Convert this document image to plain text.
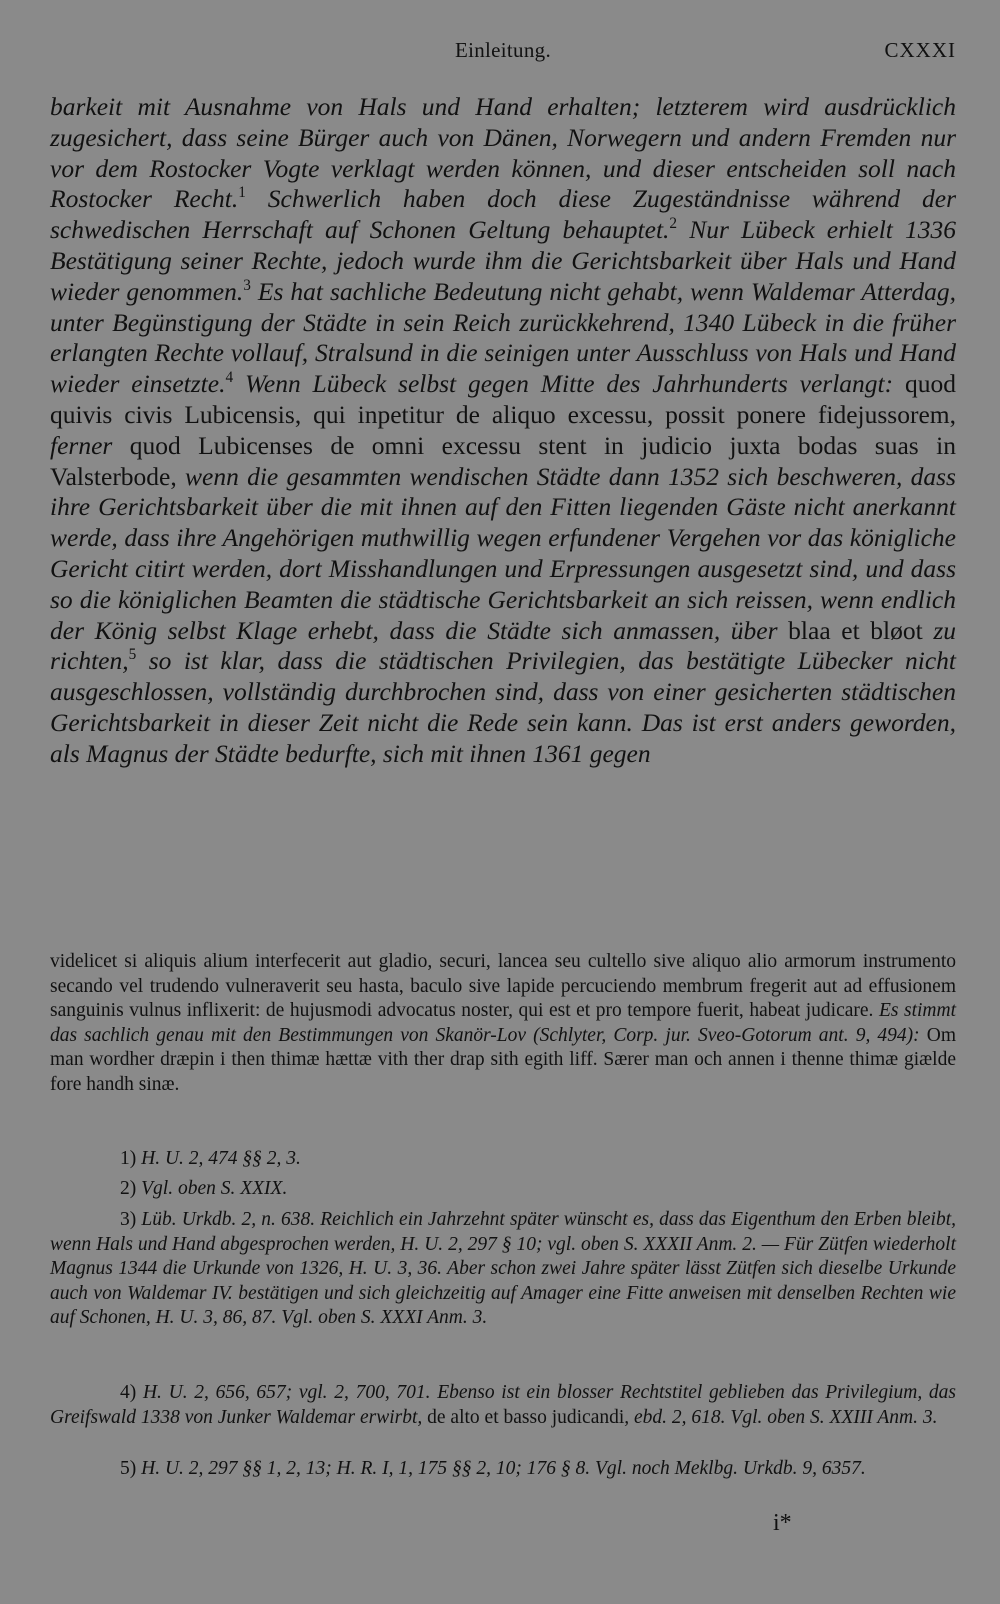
Einleitung.	CXXXI

barkeit mit Ausnahme von Hals und Hand erhalten; letzterem wird ausdrücklich zugesichert, dass seine Bürger auch von Dänen, Norwegern und andern Fremden nur vor dem Rostocker Vogte verklagt werden können, und dieser entscheiden soll nach Rostocker Recht.$^1$ Schwerlich haben doch diese Zugeständnisse während der schwedischen Herrschaft auf Schonen Geltung behauptet.$^2$ Nur Lübeck erhielt 1336 Bestätigung seiner Rechte, jedoch wurde ihm die Gerichtsbarkeit über Hals und Hand wieder genommen.$^3$ Es hat sachliche Bedeutung nicht gehabt, wenn Waldemar Atterdag, unter Begünstigung der Städte in sein Reich zurückkehrend, 1340 Lübeck in die früher erlangten Rechte vollauf, Stralsund in die seinigen unter Ausschluss von Hals und Hand wieder einsetzte.$^4$ Wenn Lübeck selbst gegen Mitte des Jahrhunderts verlangt: quod quivis civis Lubicensis, qui inpetitur de aliquo excessu, possit ponere fidejussorem, ferner quod Lubicenses de omni excessu stent in judicio juxta bodas suas in Valsterbode, wenn die gesammten wendischen Städte dann 1352 sich beschweren, dass ihre Gerichtsbarkeit über die mit ihnen auf den Fitten liegenden Gäste nicht anerkannt werde, dass ihre Angehörigen muthwillig wegen erfundener Vergehen vor das königliche Gericht citirt werden, dort Misshandlungen und Erpressungen ausgesetzt sind, und dass so die königlichen Beamten die städtische Gerichtsbarkeit an sich reissen, wenn endlich der König selbst Klage erhebt, dass die Städte sich anmassen, über blaa et bløot zu richten,$^5$ so ist klar, dass die städtischen Privilegien, das bestätigte Lübecker nicht ausgeschlossen, vollständig durchbrochen sind, dass von einer gesicherten städtischen Gerichtsbarkeit in dieser Zeit nicht die Rede sein kann. Das ist erst anders geworden, als Magnus der Städte bedurfte, sich mit ihnen 1361 gegen

videlicet si aliquis alium interfecerit aut gladio, securi, lancea seu cultello sive aliquo alio armorum instrumento secando vel trudendo vulneraverit seu hasta, baculo sive lapide percuciendo membrum fregerit aut ad effusionem sanguinis vulnus inflixerit: de hujusmodi advocatus noster, qui est et pro tempore fuerit, habeat judicare. Es stimmt das sachlich genau mit den Bestimmungen von Skanör-Lov (Schlyter, Corp. jur. Sveo-Gotorum ant. 9, 494): Om man wordher dræpin i then thimæ hættæ vith ther drap sith egith liff. Særer man och annen i thenne thimæ giælde fore handh sinæ.

1) H. U. 2, 474 §§ 2, 3.

2) Vgl. oben S. XXIX.

3) Lüb. Urkdb. 2, n. 638. Reichlich ein Jahrzehnt später wünscht es, dass das Eigenthum den Erben bleibt, wenn Hals und Hand abgesprochen werden, H. U. 2, 297 § 10; vgl. oben S. XXXII Anm. 2. — Für Zütfen wiederholt Magnus 1344 die Urkunde von 1326, H. U. 3, 36. Aber schon zwei Jahre später lässt Zütfen sich dieselbe Urkunde auch von Waldemar IV. bestätigen und sich gleichzeitig auf Amager eine Fitte anweisen mit denselben Rechten wie auf Schonen, H. U. 3, 86, 87. Vgl. oben S. XXXI Anm. 3.

4) H. U. 2, 656, 657; vgl. 2, 700, 701. Ebenso ist ein blosser Rechtstitel geblieben das Privilegium, das Greifswald 1338 von Junker Waldemar erwirbt, de alto et basso judicandi, ebd. 2, 618. Vgl. oben S. XXIII Anm. 3.

5) H. U. 2, 297 §§ 1, 2, 13; H. R. I, 1, 175 §§ 2, 10; 176 § 8. Vgl. noch Meklbg. Urkdb. 9, 6357.

i*
